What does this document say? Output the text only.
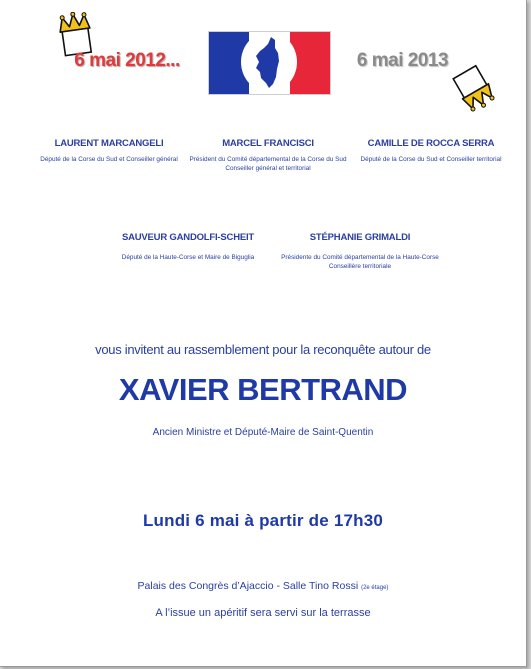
6 mai 2012...	6 mai 2013
LAURENT MARCANGELI
Député de la Corse du Sud et Conseiller général
MARCEL FRANCISCI
Président du Comité départemental de la Corse du Sud
Conseiller général et territorial
CAMILLE DE ROCCA SERRA
Député de la Corse du Sud et Conseiller territorial
SAUVEUR GANDOLFI-SCHEIT
Député de la Haute-Corse et Maire de Biguglia
STÉPHANIE GRIMALDI
Présidente du Comité départemental de la Haute-Corse
Conseillère territoriale
vous invitent au rassemblement pour la reconquête autour de
XAVIER BERTRAND
Ancien Ministre et Député-Maire de Saint-Quentin
Lundi 6 mai à partir de 17h30
Palais des Congrès d’Ajaccio - Salle Tino Rossi (2e étage)
A l’issue un apéritif sera servi sur la terrasse
